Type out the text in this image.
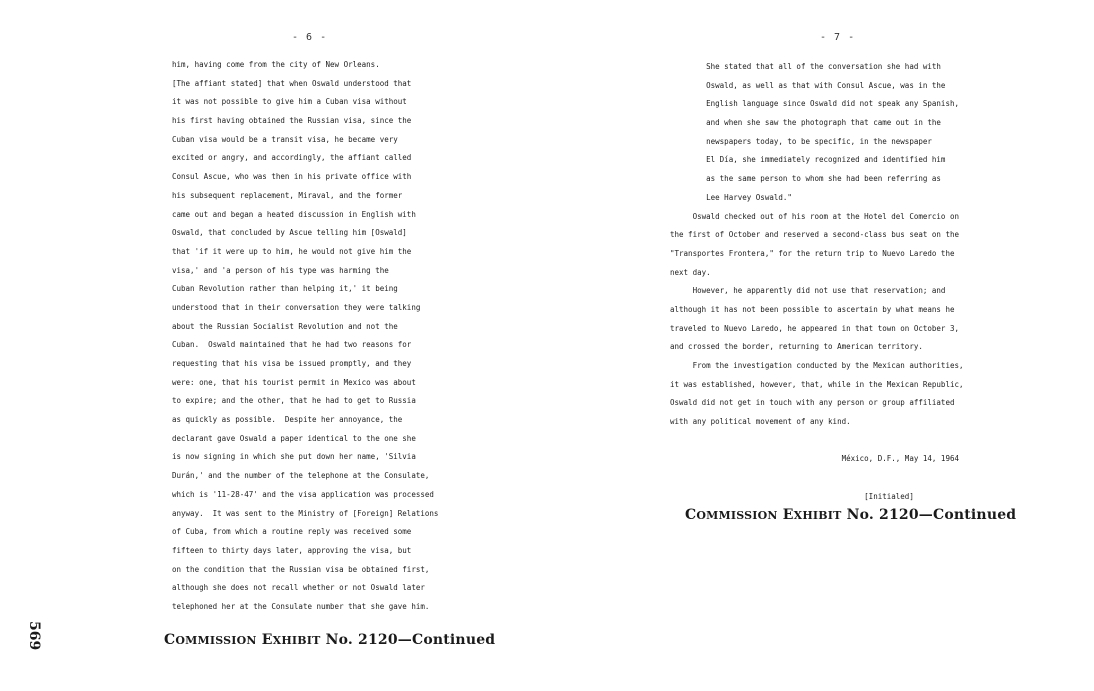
- 6 -
him, having come from the city of New Orleans.
[The affiant stated] that when Oswald understood that
it was not possible to give him a Cuban visa without
his first having obtained the Russian visa, since the
Cuban visa would be a transit visa, he became very
excited or angry, and accordingly, the affiant called
Consul Ascue, who was then in his private office with
his subsequent replacement, Miraval, and the former
came out and began a heated discussion in English with
Oswald, that concluded by Ascue telling him [Oswald]
that 'if it were up to him, he would not give him the
visa,' and 'a person of his type was harming the
Cuban Revolution rather than helping it,' it being
understood that in their conversation they were talking
about the Russian Socialist Revolution and not the
Cuban.  Oswald maintained that he had two reasons for
requesting that his visa be issued promptly, and they
were: one, that his tourist permit in Mexico was about
to expire; and the other, that he had to get to Russia
as quickly as possible.  Despite her annoyance, the
declarant gave Oswald a paper identical to the one she
is now signing in which she put down her name, 'Silvia
Durán,' and the number of the telephone at the Consulate,
which is '11-28-47' and the visa application was processed
anyway.  It was sent to the Ministry of [Foreign] Relations
of Cuba, from which a routine reply was received some
fifteen to thirty days later, approving the visa, but
on the condition that the Russian visa be obtained first,
although she does not recall whether or not Oswald later
telephoned her at the Consulate number that she gave him.
COMMISSION EXHIBIT No. 2120—Continued
569
- 7 -
She stated that all of the conversation she had with
Oswald, as well as that with Consul Ascue, was in the
English language since Oswald did not speak any Spanish,
and when she saw the photograph that came out in the
newspapers today, to be specific, in the newspaper
El Día, she immediately recognized and identified him
as the same person to whom she had been referring as
Lee Harvey Oswald."
Oswald checked out of his room at the Hotel del Comercio on
the first of October and reserved a second-class bus seat on the
"Transportes Frontera," for the return trip to Nuevo Laredo the
next day.
However, he apparently did not use that reservation; and
although it has not been possible to ascertain by what means he
traveled to Nuevo Laredo, he appeared in that town on October 3,
and crossed the border, returning to American territory.
From the investigation conducted by the Mexican authorities,
it was established, however, that, while in the Mexican Republic,
Oswald did not get in touch with any person or group affiliated
with any political movement of any kind.
México, D.F., May 14, 1964
[Initialed]
COMMISSION EXHIBIT No. 2120—Continued
